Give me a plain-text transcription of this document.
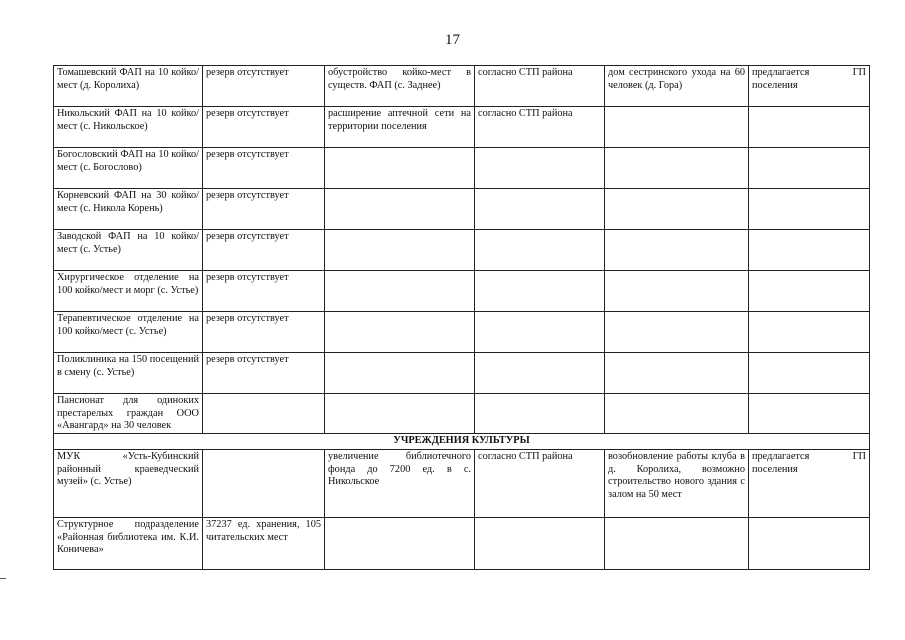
17
Томашевский ФАП на 10 койко/мест (д. Королиха)	резерв отсутствует	обустройство койко-мест в существ. ФАП (с. Заднее)	согласно СТП района	дом сестринского ухода на 60 человек (д. Гора)	предлагается ГП поселения
Никольский ФАП на 10 койко/мест (с. Никольское)	резерв отсутствует	расширение аптечной сети на территории поселения	согласно СТП района		
Богословский ФАП на 10 койко/мест (с. Богослово)	резерв отсутствует				
Корневский ФАП на 30 койко/мест (с. Никола Корень)	резерв отсутствует				
Заводской ФАП на 10 койко/мест (с. Устье)	резерв отсутствует				
Хирургическое отделение на 100 койко/мест и морг (с. Устье)	резерв отсутствует				
Терапевтическое отделение на 100 койко/мест (с. Устье)	резерв отсутствует				
Поликлиника на 150 посещений в смену (с. Устье)	резерв отсутствует				
Пансионат для одиноких престарелых граждан ООО «Авангард» на 30 человек					
УЧРЕЖДЕНИЯ КУЛЬТУРЫ					
МУК «Усть-Кубинский районный краеведческий музей» (с. Устье)		увеличение библиотечного фонда до 7200 ед. в с. Никольское	согласно СТП района	возобновление работы клуба в д. Королиха, возможно строительство нового здания с залом на 50 мест	предлагается ГП поселения
Структурное подразделение «Районная библиотека им. К.И. Коничева»	37237 ед. хранения, 105 читательских мест				
